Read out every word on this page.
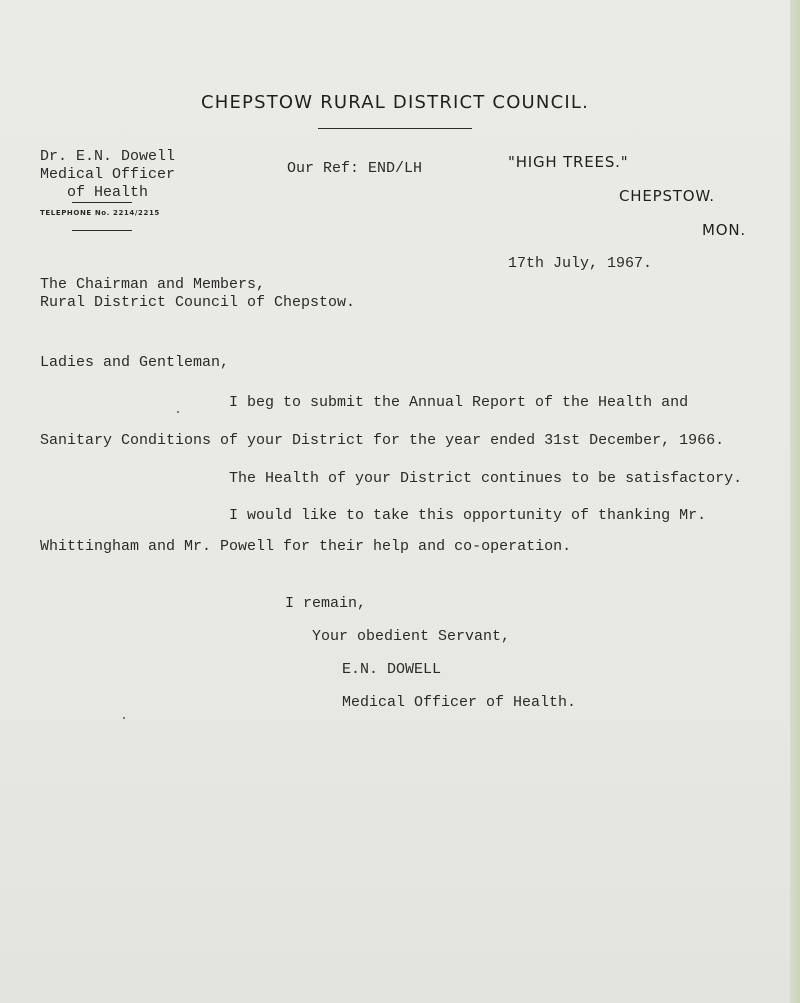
CHEPSTOW RURAL DISTRICT COUNCIL.
Dr. E.N. Dowell
Medical Officer
of Health
TELEPHONE No. 2214/2215
Our Ref: END/LH	"HIGH TREES."
CHEPSTOW.
MON.
17th July, 1967.
The Chairman and Members,
Rural District Council of Chepstow.
Ladies and Gentleman,
I beg to submit the Annual Report of the Health and
Sanitary Conditions of your District for the year ended 31st December, 1966.
The Health of your District continues to be satisfactory.
I would like to take this opportunity of thanking Mr.
Whittingham and Mr. Powell for their help and co-operation.
I remain,
Your obedient Servant,
E.N. DOWELL
Medical Officer of Health.
